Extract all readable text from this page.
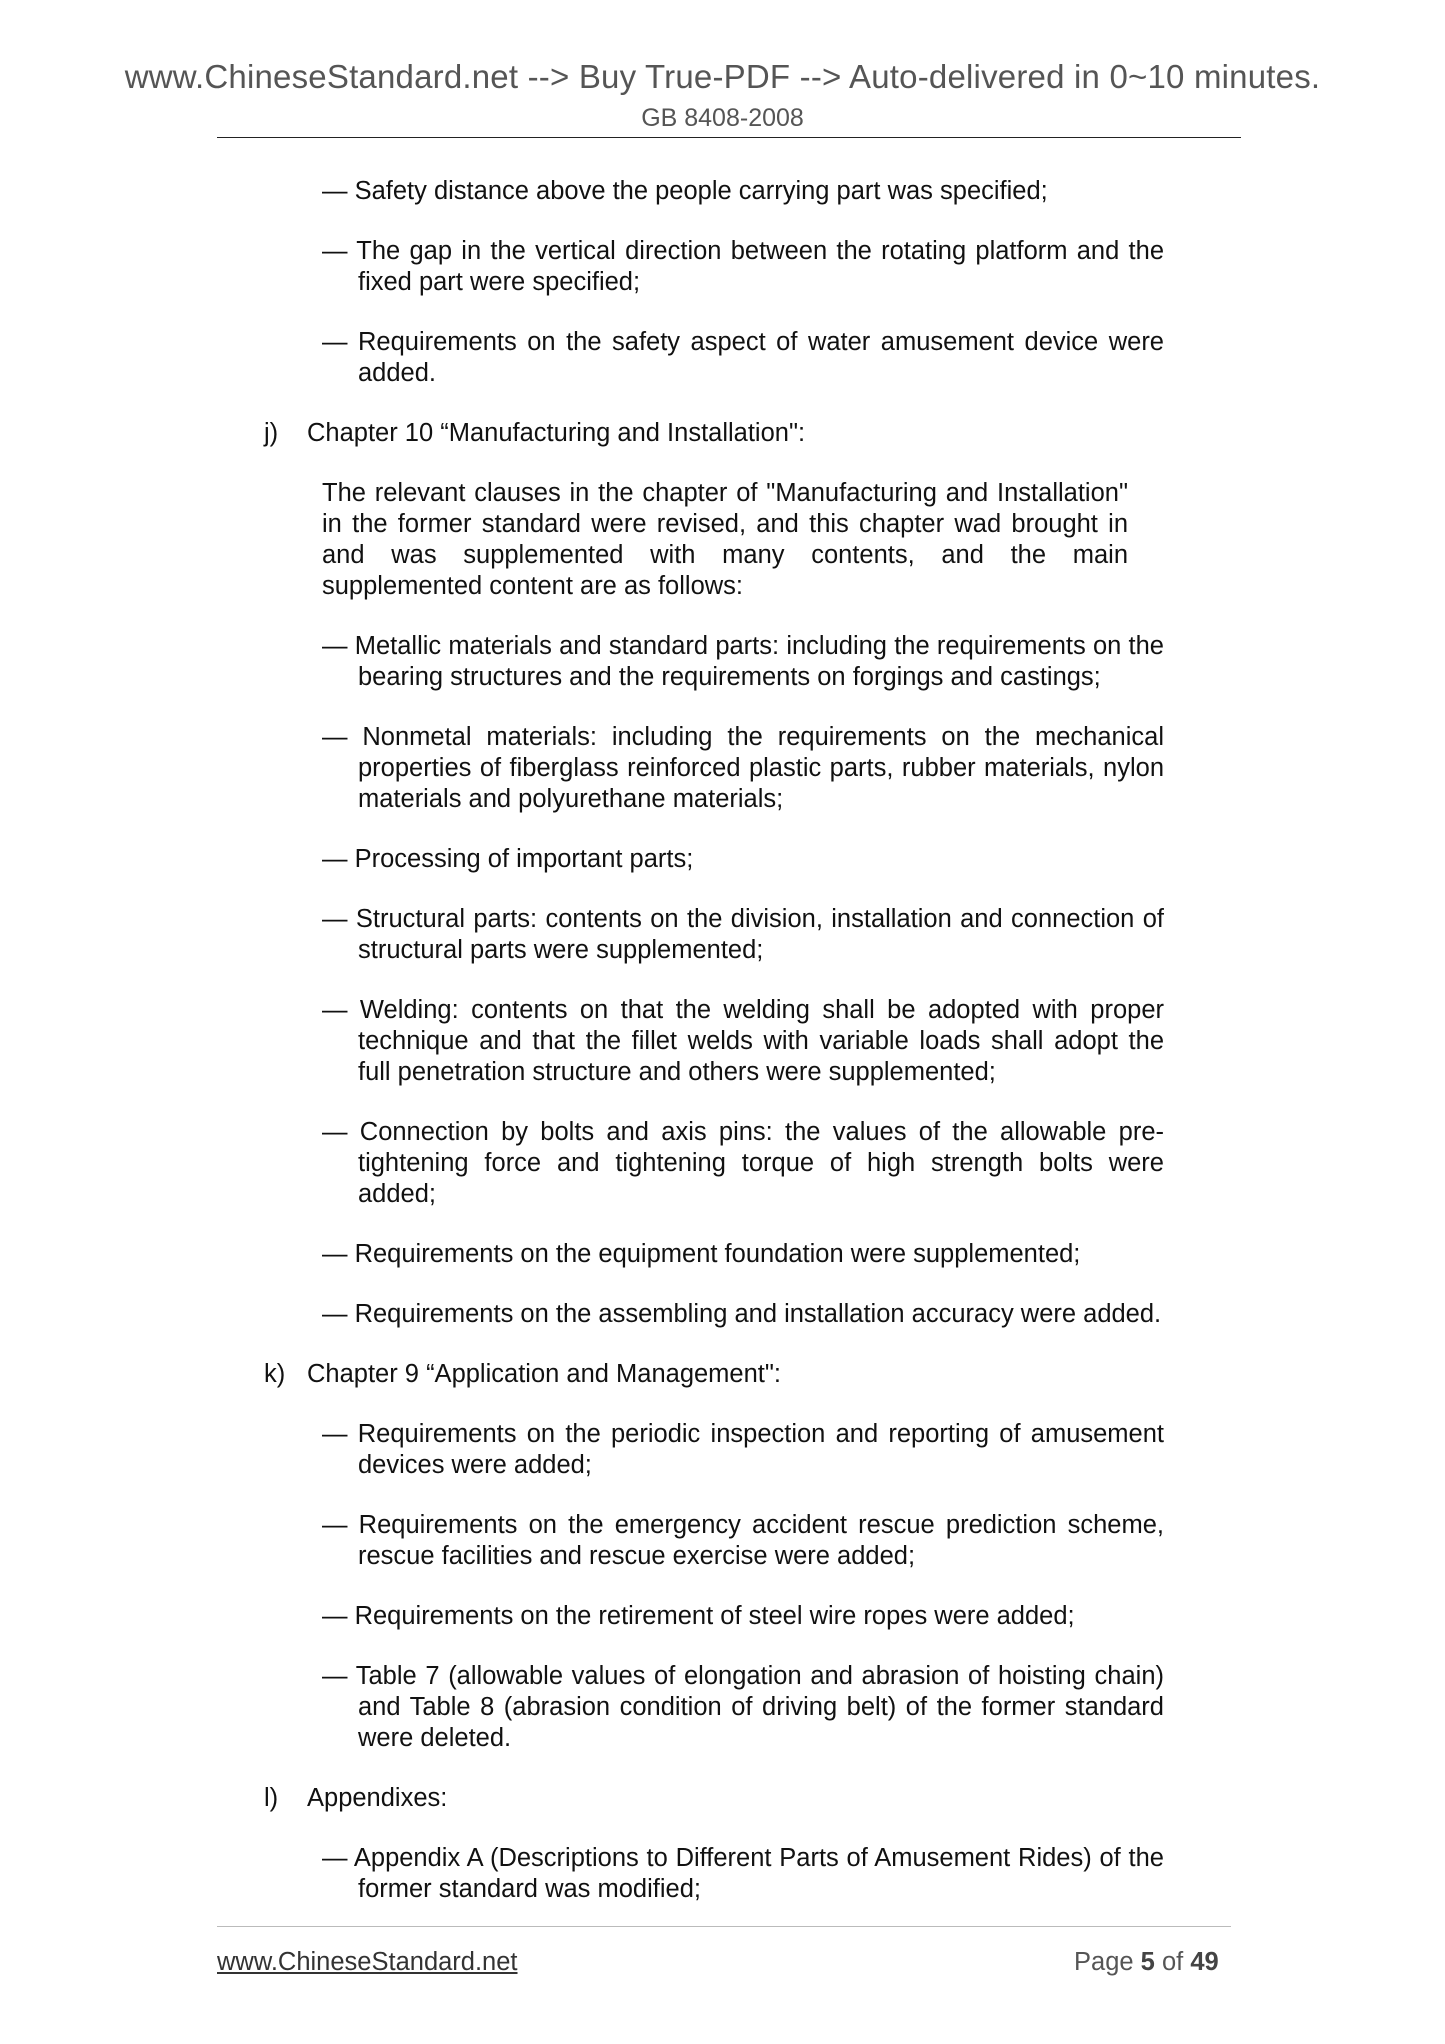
www.ChineseStandard.net --> Buy True-PDF --> Auto-delivered in 0~10 minutes.
GB 8408-2008
— Safety distance above the people carrying part was specified;
— The gap in the vertical direction between the rotating platform and the fixed part were specified;
— Requirements on the safety aspect of water amusement device were added.
j) Chapter 10 “Manufacturing and Installation":
The relevant clauses in the chapter of "Manufacturing and Installation" in the former standard were revised, and this chapter wad brought in and was supplemented with many contents, and the main supplemented content are as follows:
— Metallic materials and standard parts: including the requirements on the bearing structures and the requirements on forgings and castings;
— Nonmetal materials: including the requirements on the mechanical properties of fiberglass reinforced plastic parts, rubber materials, nylon materials and polyurethane materials;
— Processing of important parts;
— Structural parts: contents on the division, installation and connection of structural parts were supplemented;
— Welding: contents on that the welding shall be adopted with proper technique and that the fillet welds with variable loads shall adopt the full penetration structure and others were supplemented;
— Connection by bolts and axis pins: the values of the allowable pre-tightening force and tightening torque of high strength bolts were added;
— Requirements on the equipment foundation were supplemented;
— Requirements on the assembling and installation accuracy were added.
k) Chapter 9 “Application and Management":
— Requirements on the periodic inspection and reporting of amusement devices were added;
— Requirements on the emergency accident rescue prediction scheme, rescue facilities and rescue exercise were added;
— Requirements on the retirement of steel wire ropes were added;
— Table 7 (allowable values of elongation and abrasion of hoisting chain) and Table 8 (abrasion condition of driving belt) of the former standard were deleted.
l) Appendixes:
— Appendix A (Descriptions to Different Parts of Amusement Rides) of the former standard was modified;
www.ChineseStandard.net	Page 5 of 49
